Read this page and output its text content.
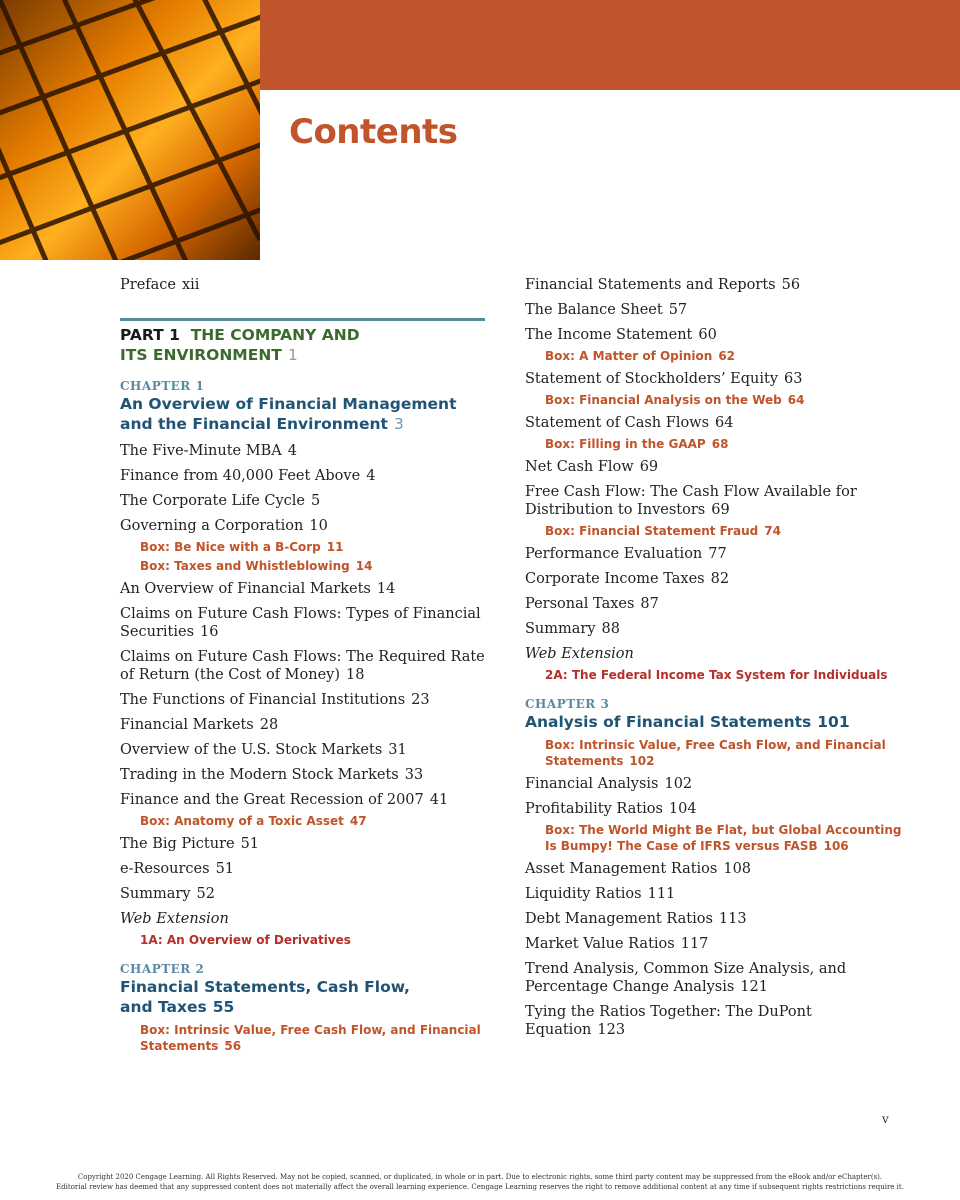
Contents

Preface xii

PART 1 THE COMPANY AND
ITS ENVIRONMENT 1
CHAPTER 1
An Overview of Financial Management
and the Financial Environment 3

The Five-Minute MBA 4

Finance from 40,000 Feet Above 4

The Corporate Life Cycle 5

Governing a Corporation 10

Box: Be Nice with a B-Corp 11

Box: Taxes and Whistleblowing 14

An Overview of Financial Markets 14

Claims on Future Cash Flows: Types of Financial Securities 16

Claims on Future Cash Flows: The Required Rate of Return (the Cost of Money) 18

The Functions of Financial Institutions 23

Financial Markets 28

Overview of the U.S. Stock Markets 31

Trading in the Modern Stock Markets 33

Finance and the Great Recession of 2007 41

Box: Anatomy of a Toxic Asset 47

The Big Picture 51

e-Resources 51

Summary 52

Web Extension

1A: An Overview of Derivatives

CHAPTER 2
Financial Statements, Cash Flow,
and Taxes 55

Box: Intrinsic Value, Free Cash Flow, and Financial Statements 56

Financial Statements and Reports 56

The Balance Sheet 57

The Income Statement 60

Box: A Matter of Opinion 62

Statement of Stockholders’ Equity 63

Box: Financial Analysis on the Web 64

Statement of Cash Flows 64

Box: Filling in the GAAP 68

Net Cash Flow 69

Free Cash Flow: The Cash Flow Available for Distribution to Investors 69

Box: Financial Statement Fraud 74

Performance Evaluation 77

Corporate Income Taxes 82

Personal Taxes 87

Summary 88

Web Extension

2A: The Federal Income Tax System for Individuals

CHAPTER 3
Analysis of Financial Statements 101

Box: Intrinsic Value, Free Cash Flow, and Financial Statements 102

Financial Analysis 102

Profitability Ratios 104

Box: The World Might Be Flat, but Global Accounting Is Bumpy! The Case of IFRS versus FASB 106

Asset Management Ratios 108

Liquidity Ratios 111

Debt Management Ratios 113

Market Value Ratios 117

Trend Analysis, Common Size Analysis, and Percentage Change Analysis 121

Tying the Ratios Together: The DuPont Equation 123

v
Copyright 2020 Cengage Learning. All Rights Reserved. May not be copied, scanned, or duplicated, in whole or in part. Due to electronic rights, some third party content may be suppressed from the eBook and/or eChapter(s).
Editorial review has deemed that any suppressed content does not materially affect the overall learning experience. Cengage Learning reserves the right to remove additional content at any time if subsequent rights restrictions require it.
